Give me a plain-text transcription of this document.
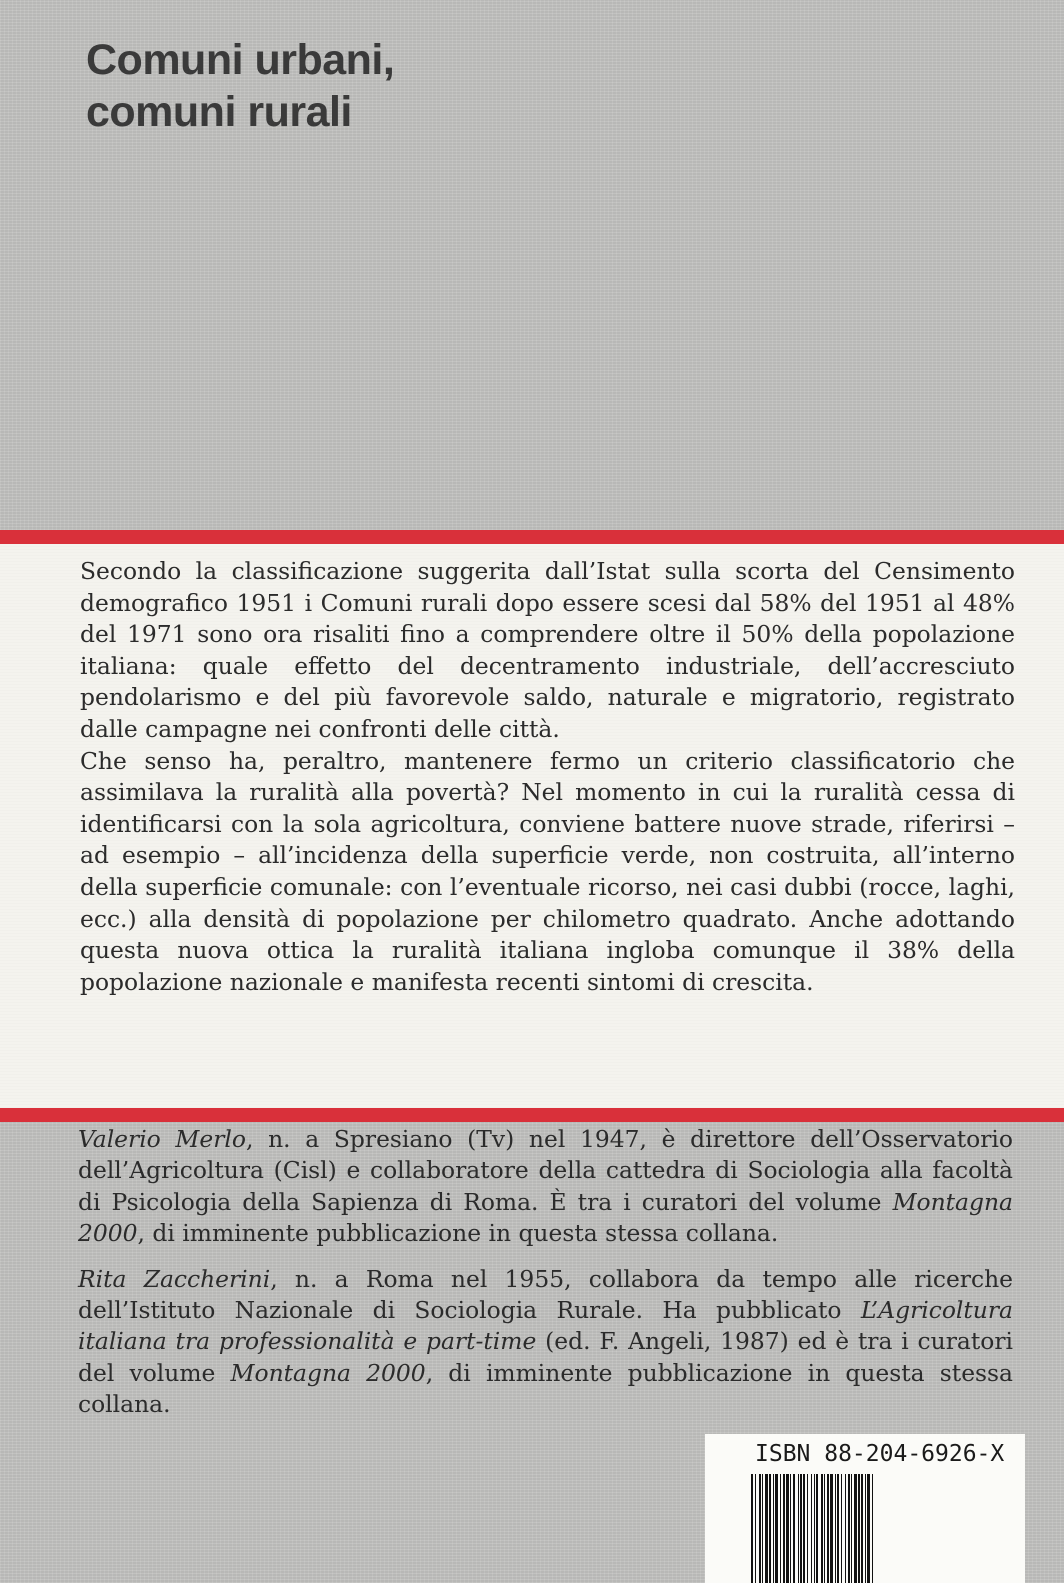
Comuni urbani,
comuni rurali

Secondo la classificazione suggerita dall’Istat sulla scorta del Censimento demografico 1951 i Comuni rurali dopo essere scesi dal 58% del 1951 al 48% del 1971 sono ora risaliti fino a comprendere oltre il 50% della popolazione italiana: quale effetto del decentramento industriale, dell’accresciuto pendolarismo e del più favorevole saldo, naturale e migratorio, registrato dalle campagne nei confronti delle città.

Che senso ha, peraltro, mantenere fermo un criterio classificatorio che assimilava la ruralità alla povertà? Nel momento in cui la ruralità cessa di identificarsi con la sola agricoltura, conviene battere nuove strade, riferirsi – ad esempio – all’incidenza della superficie verde, non costruita, all’interno della superficie comunale: con l’eventuale ricorso, nei casi dubbi (rocce, laghi, ecc.) alla densità di popolazione per chilometro quadrato. Anche adottando questa nuova ottica la ruralità italiana ingloba comunque il 38% della popolazione nazionale e manifesta recenti sintomi di crescita.

Valerio Merlo, n. a Spresiano (Tv) nel 1947, è direttore dell’Osservatorio dell’Agricoltura (Cisl) e collaboratore della cattedra di Sociologia alla facoltà di Psicologia della Sapienza di Roma. È tra i curatori del volume Montagna 2000, di imminente pubblicazione in questa stessa collana.

Rita Zaccherini, n. a Roma nel 1955, collabora da tempo alle ricerche dell’Istituto Nazionale di Sociologia Rurale. Ha pubblicato L’Agricoltura italiana tra professionalità e part-time (ed. F. Angeli, 1987) ed è tra i curatori del volume Montagna 2000, di imminente pubblicazione in questa stessa collana.

ISBN 88-204-6926-X
